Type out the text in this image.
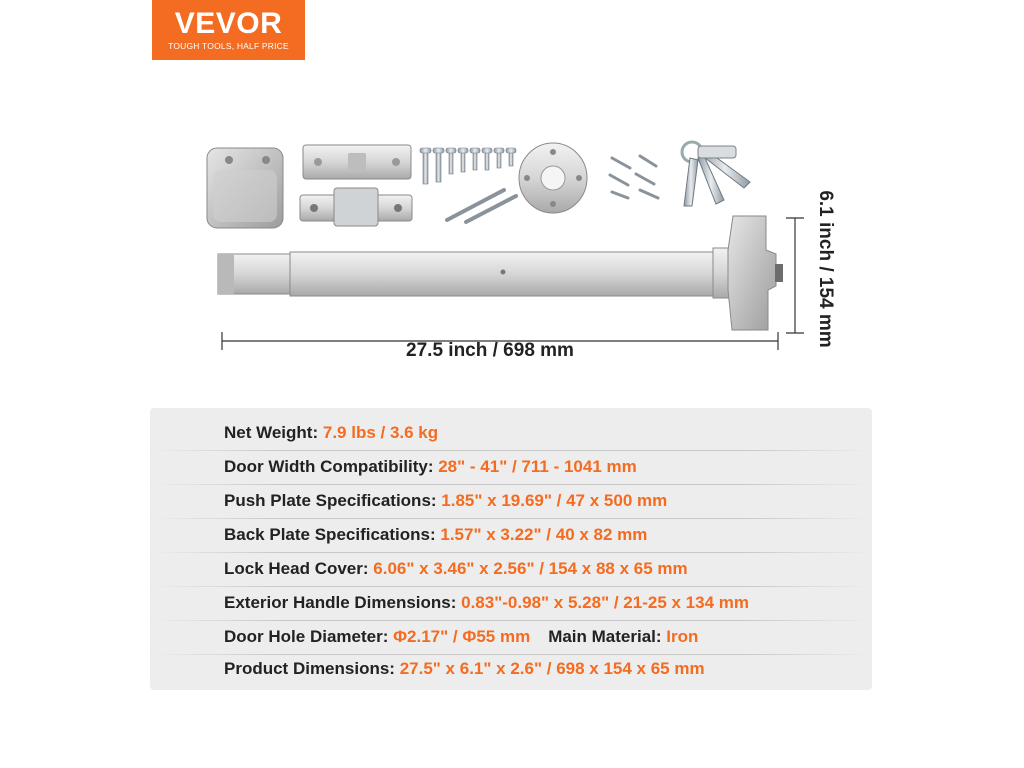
VEVOR
TOUGH TOOLS, HALF PRICE
27.5 inch / 698 mm
6.1 inch / 154 mm
Net Weight: 7.9 lbs / 3.6 kg
Door Width Compatibility: 28" - 41" / 711 - 1041 mm
Push Plate Specifications: 1.85" x 19.69" / 47 x 500 mm
Back Plate Specifications: 1.57" x 3.22" / 40 x 82 mm
Lock Head Cover: 6.06" x 3.46" x 2.56" / 154 x 88 x 65 mm
Exterior Handle Dimensions: 0.83"-0.98" x 5.28" / 21-25 x 134 mm
Door Hole Diameter: Φ2.17" / Φ55 mm Main Material: Iron
Product Dimensions: 27.5" x 6.1" x 2.6" / 698 x 154 x 65 mm
